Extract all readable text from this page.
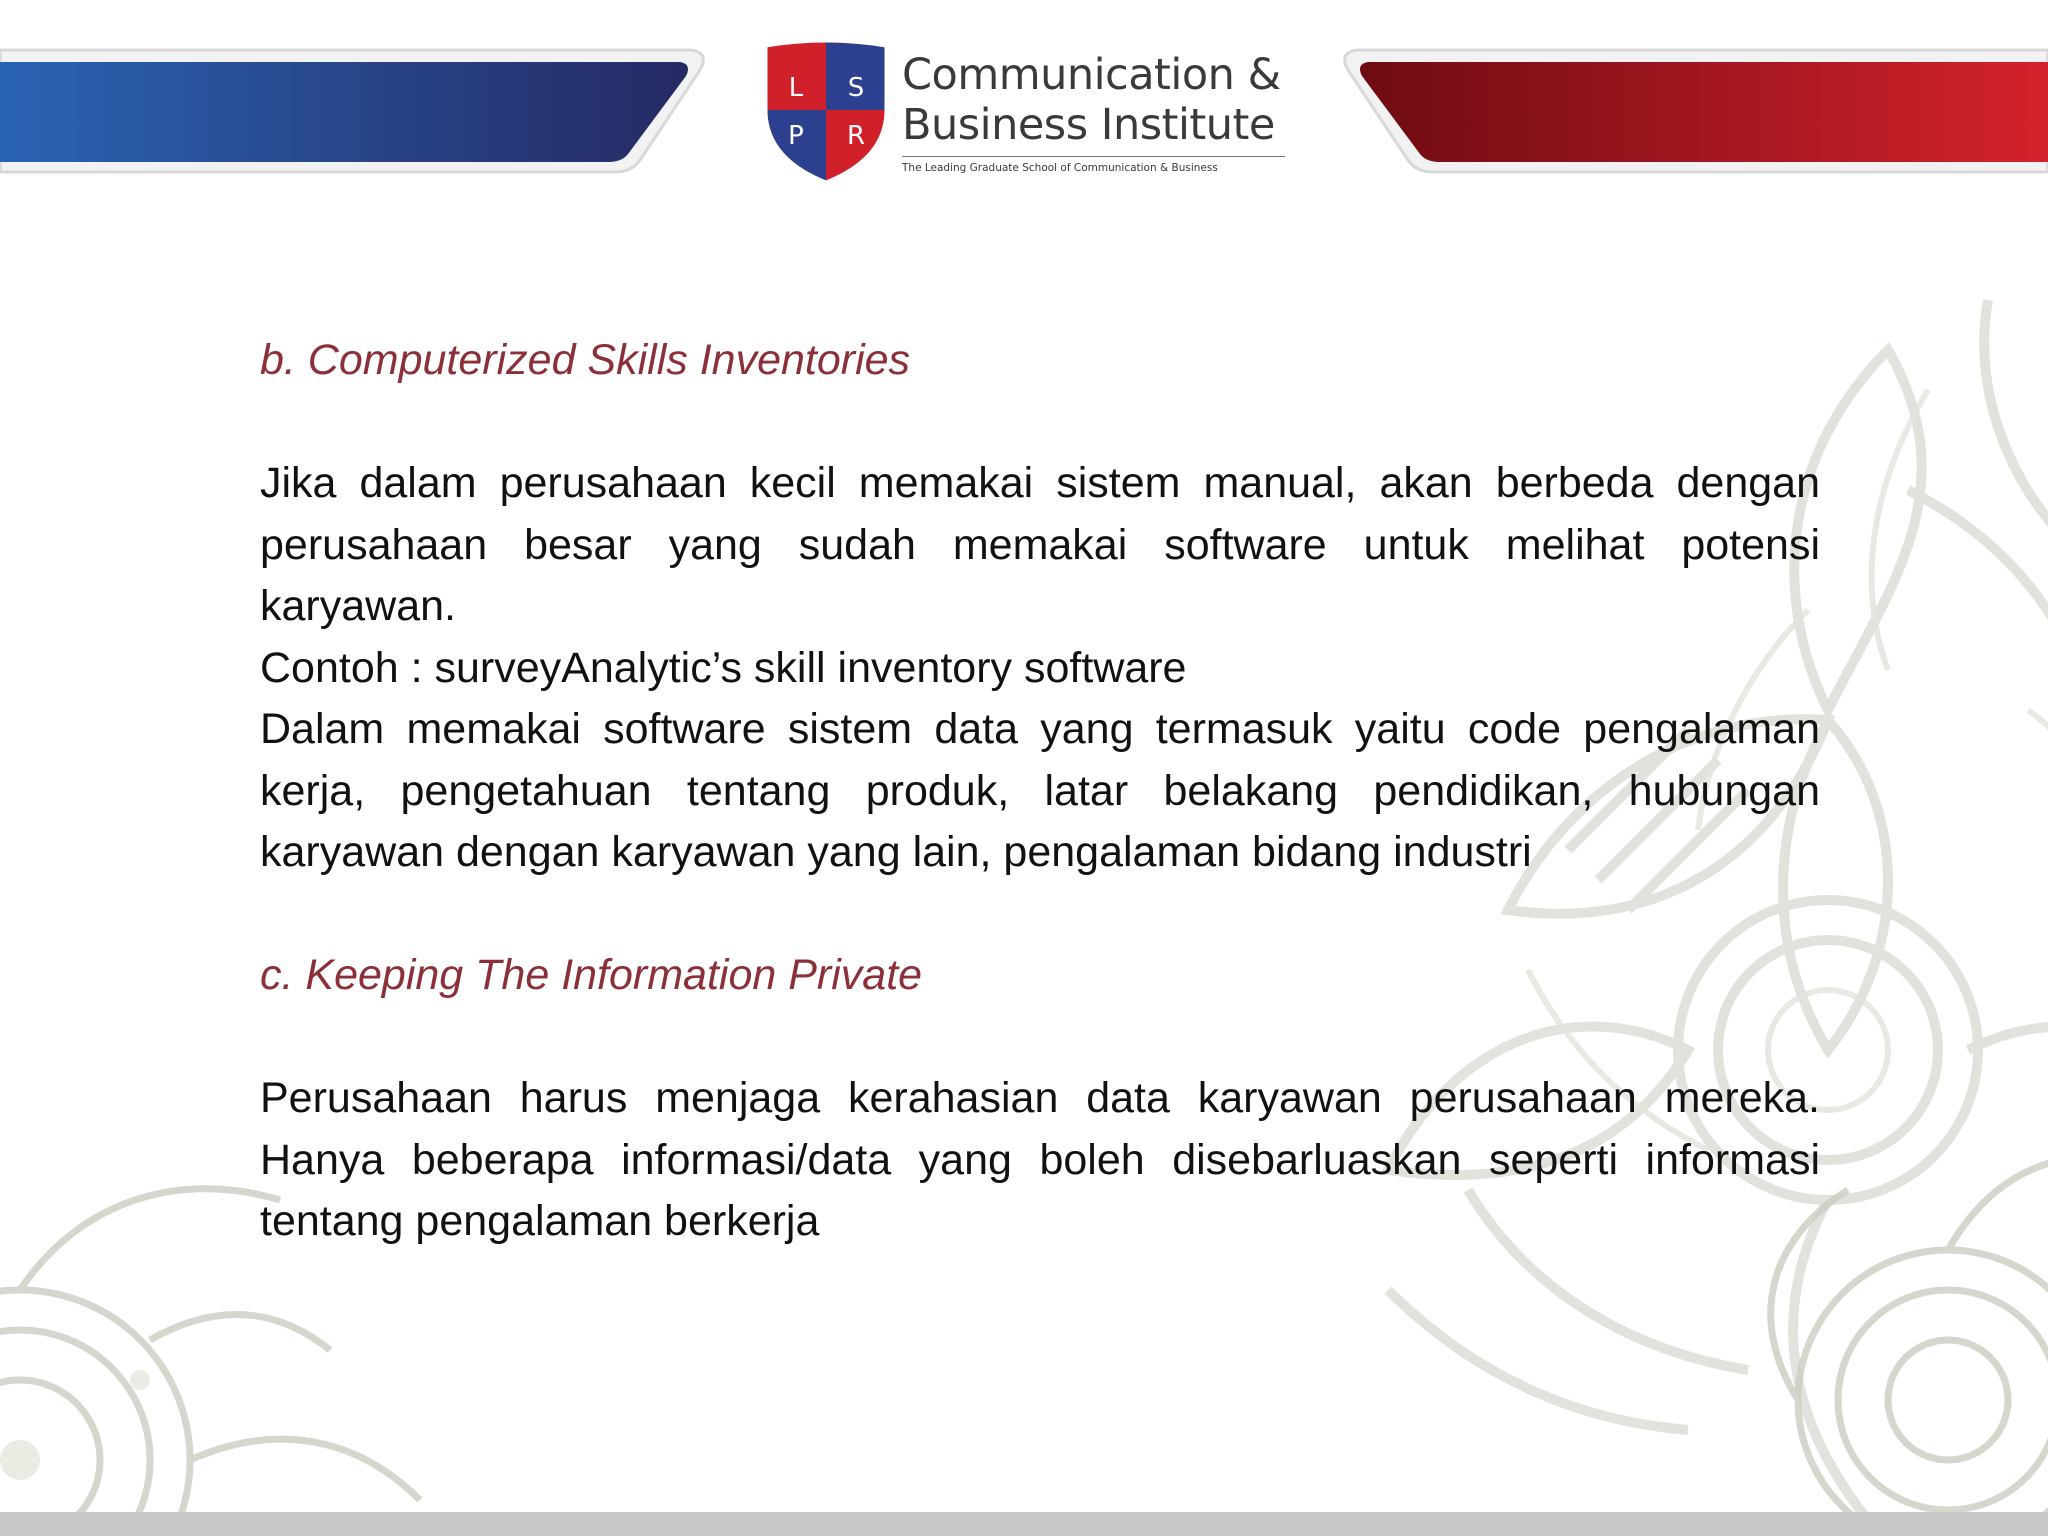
L S
P R
Communication &
Business Institute
The Leading Graduate School of Communication & Business

b. Computerized Skills Inventories

Jika dalam perusahaan kecil memakai sistem manual, akan berbeda dengan perusahaan besar yang sudah memakai software untuk melihat potensi karyawan.

Contoh : surveyAnalytic’s skill inventory software

Dalam memakai software sistem data yang termasuk yaitu code pengalaman kerja, pengetahuan tentang produk, latar belakang pendidikan, hubungan karyawan dengan karyawan yang lain, pengalaman bidang industri

c. Keeping The Information Private

Perusahaan harus menjaga kerahasian data karyawan perusahaan mereka. Hanya beberapa informasi/data yang boleh disebarluaskan seperti informasi tentang pengalaman berkerja
